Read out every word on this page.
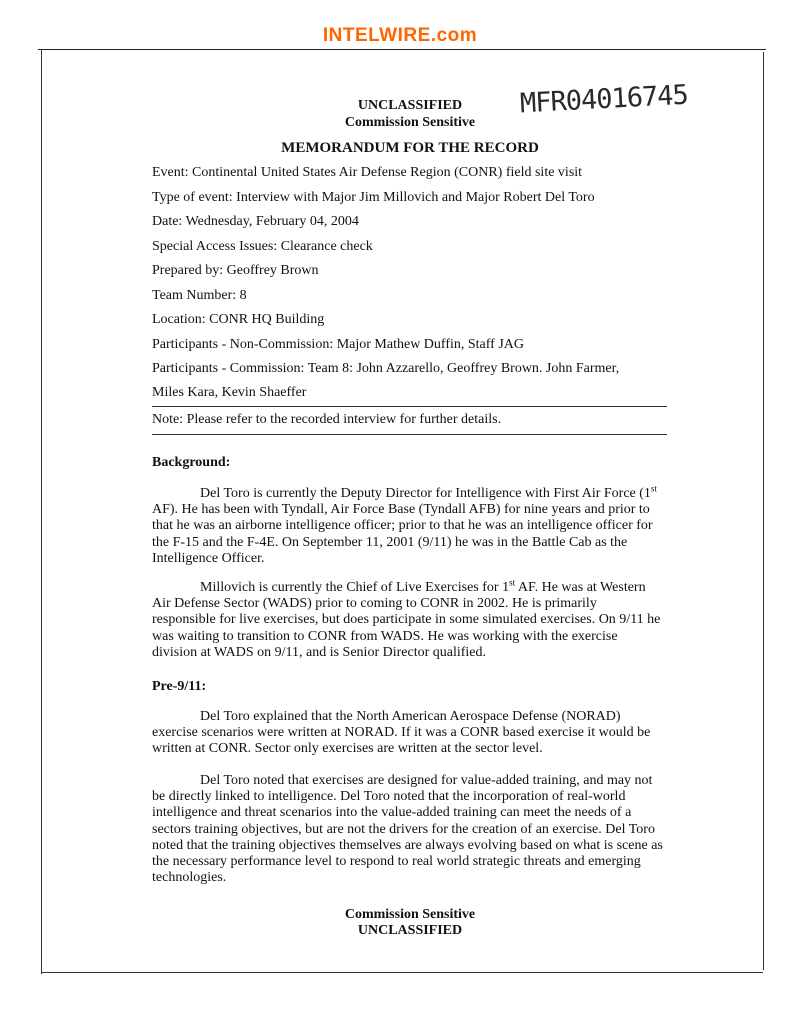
INTELWIRE.com
UNCLASSIFIED
Commission Sensitive
MFR04016745
MEMORANDUM FOR THE RECORD
Event: Continental United States Air Defense Region (CONR) field site visit
Type of event: Interview with Major Jim Millovich and Major Robert Del Toro
Date: Wednesday, February 04, 2004
Special Access Issues: Clearance check
Prepared by: Geoffrey Brown
Team Number: 8
Location: CONR HQ Building
Participants - Non-Commission: Major Mathew Duffin, Staff JAG
Participants - Commission: Team 8: John Azzarello, Geoffrey Brown. John Farmer,
Miles Kara, Kevin Shaeffer
Note: Please refer to the recorded interview for further details.
Background:

Del Toro is currently the Deputy Director for Intelligence with First Air Force (1st AF). He has been with Tyndall, Air Force Base (Tyndall AFB) for nine years and prior to that he was an airborne intelligence officer; prior to that he was an intelligence officer for the F-15 and the F-4E. On September 11, 2001 (9/11) he was in the Battle Cab as the Intelligence Officer.

Millovich is currently the Chief of Live Exercises for 1st AF. He was at Western Air Defense Sector (WADS) prior to coming to CONR in 2002. He is primarily responsible for live exercises, but does participate in some simulated exercises. On 9/11 he was waiting to transition to CONR from WADS. He was working with the exercise division at WADS on 9/11, and is Senior Director qualified.

Pre-9/11:

Del Toro explained that the North American Aerospace Defense (NORAD) exercise scenarios were written at NORAD. If it was a CONR based exercise it would be written at CONR. Sector only exercises are written at the sector level.

Del Toro noted that exercises are designed for value-added training, and may not be directly linked to intelligence. Del Toro noted that the incorporation of real-world intelligence and threat scenarios into the value-added training can meet the needs of a sectors training objectives, but are not the drivers for the creation of an exercise. Del Toro noted that the training objectives themselves are always evolving based on what is scene as the necessary performance level to respond to real world strategic threats and emerging technologies.

Commission Sensitive
UNCLASSIFIED
